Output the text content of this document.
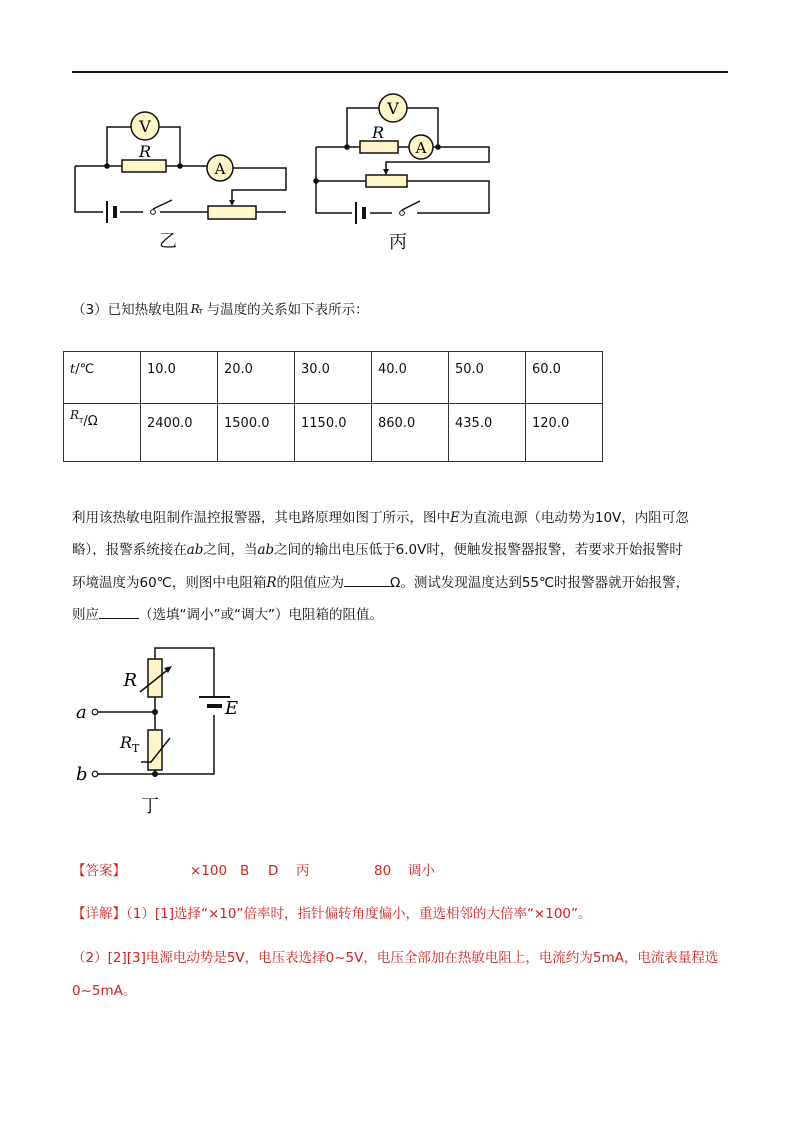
V
R
A
乙
V
R
A
丙
R
E
a
b
R T
丁
（3）已知热敏电阻 R
T 与温度的关系如下表所示：
t/℃	10.0	20.0	30.0	40.0	50.0	60.0
RT/Ω	2400.0	1500.0	1150.0	860.0	435.0	120.0
利用该热敏电阻制作温控报警器，其电路原理如图丁所示，图中E为直流电源（电动势为10V，内阻可忽
略），报警系统接在ab之间，当ab之间的输出电压低于6.0V时，便触发报警器报警，若要求开始报警时
环境温度为60℃，则图中电阻箱R的阻值应为	Ω。测试发现温度达到55℃时报警器就开始报警，
则应	（选填“调小”或“调大”）电阻箱的阻值。
【答案】	×100 B D 丙	80 调小
【详解】（1）[1]选择“×10”倍率时，指针偏转角度偏小，重选相邻的大倍率“×100”。
（2）[2][3]电源电动势是5V，电压表选择0~5V，电压全部加在热敏电阻上，电流约为5mA，电流表量程选
0~5mA。
